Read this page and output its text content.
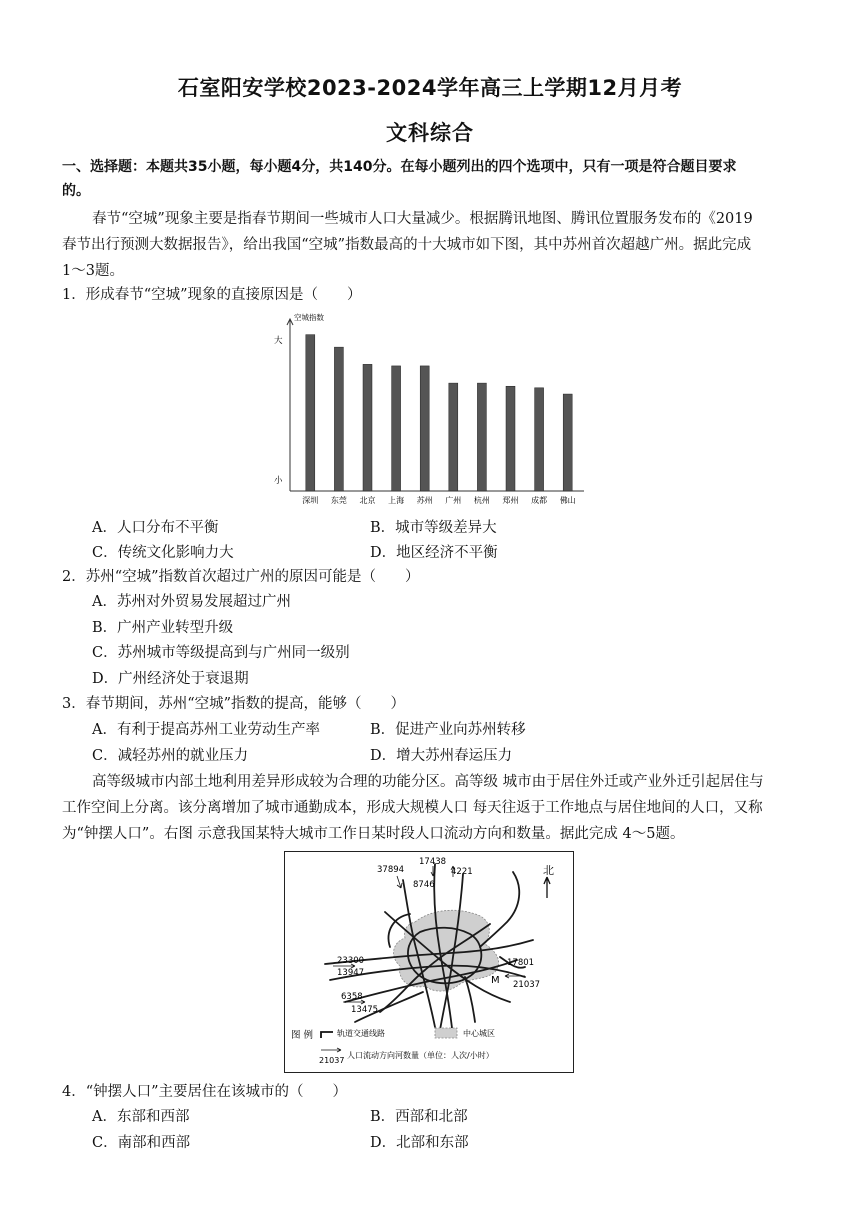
石室阳安学校2023-2024学年高三上学期12月月考
文科综合
一、选择题：本题共35小题，每小题4分，共140分。在每小题列出的四个选项中，只有一项是符合题目要求
的。
春节“空城”现象主要是指春节期间一些城市人口大量减少。根据腾讯地图、腾讯位置服务发布的《2019
春节出行预测大数据报告》，给出我国“空城”指数最高的十大城市如下图，其中苏州首次超越广州。据此完成
1～3题。
1．形成春节“空城”现象的直接原因是（　　）
空城指数
大
小
深圳 东莞 北京 上海 苏州 广州 杭州 郑州 成都 佛山
A．人口分布不平衡	B．城市等级差异大
C．传统文化影响力大	D．地区经济不平衡
2．苏州“空城”指数首次超过广州的原因可能是（　　）
A．苏州对外贸易发展超过广州
B．广州产业转型升级
C．苏州城市等级提高到与广州同一级别
D．广州经济处于衰退期
3．春节期间，苏州“空城”指数的提高，能够（　　）
A．有利于提高苏州工业劳动生产率	B．促进产业向苏州转移
C．减轻苏州的就业压力	D．增大苏州春运压力
高等级城市内部土地利用差异形成较为合理的功能分区。高等级 城市由于居住外迁或产业外迁引起居住与
工作空间上分离。该分离增加了城市通勤成本，形成大规模人口 每天往返于工作地点与居住地间的人口，又称
为“钟摆人口”。右图 示意我国某特大城市工作日某时段人口流动方向和数量。据此完成 4～5题。
北
37894
17438
8746
4221
23300
13947
6358
13475
17801
M 21037
图 例	轨道交通线路	中心城区
21037
人口流动方向河数量（单位：人次/小时）
4．“钟摆人口”主要居住在该城市的（　　）
A．东部和西部	B．西部和北部
C．南部和西部	D．北部和东部
